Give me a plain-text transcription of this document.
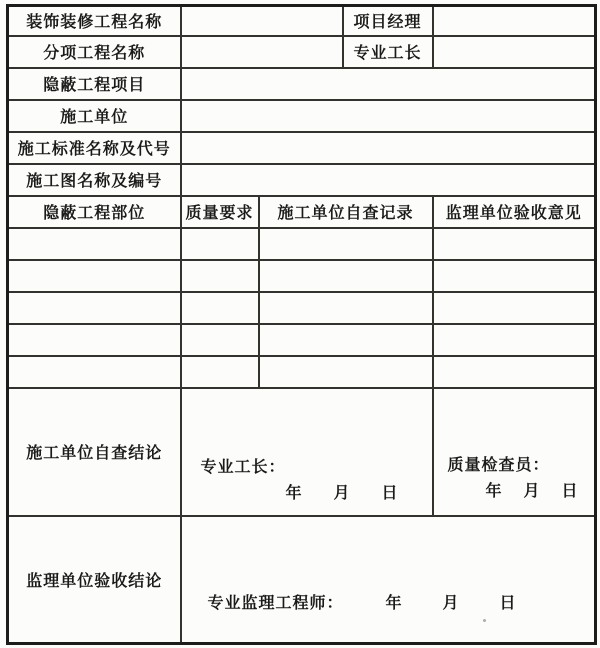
装饰装修工程名称			项目经理	
分项工程名称			专业工长	
隐蔽工程项目				
施工单位				
施工标准名称及代号				
施工图名称及编号				
隐蔽工程部位	质量要求	施工单位自查记录		监理单位验收意见

施工单位自查结论	专业工长：
年 月 日			质量检查员：
年 月 日

监理单位验收结论	专业监理工程师： 年 月 日			
